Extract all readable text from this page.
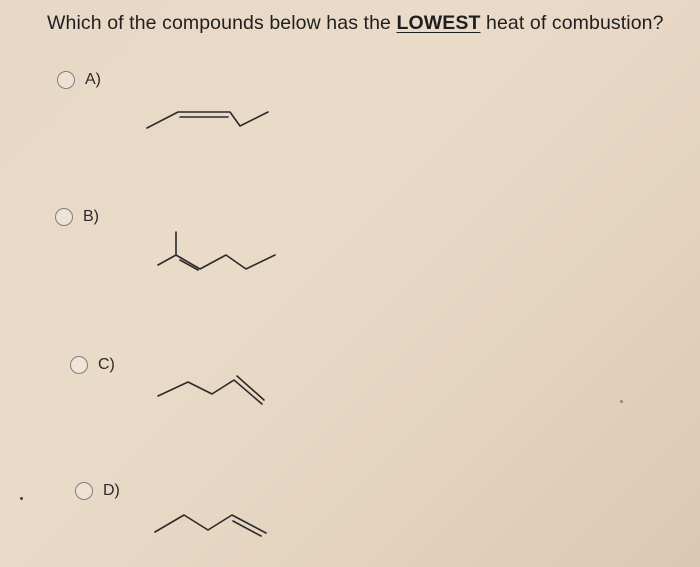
Which of the compounds below has the LOWEST heat of combustion?
A)
B)
C)
D)
